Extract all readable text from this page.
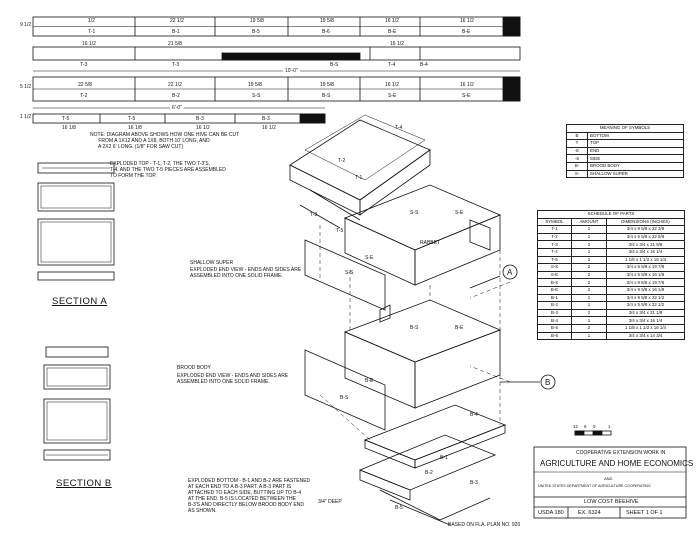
1/2	22 1/2	19 5/8	19 5/8	16 1/2	16 1/2
T-1	B-1	B-5	B-6	B-E	B-E
16 1/2	21 5/8	16 1/2
T-3	T-3	B-S	T-4	B-4
10'-0"
22 5/8	22 1/2	19 5/8	19 5/8	16 1/2	16 1/2
T-2	B-2	S-S	B-S	S-E	S-E
6'-0"
T-5	T-5	B-3	B-3
16 1/8	16 1/8	16 1/2	16 1/2
1 1/2
5 1/2
9 1/2
NOTE: DIAGRAM ABOVE SHOWS HOW ONE HIVE CAN BE CUT
FROM A 1X12 AND A 1X8, BOTH 10' LONG, AND
A 2X2 6' LONG. (1/8" FOR SAW CUT)
EXPLODED TOP - T-1, T-2, THE TWO T-3'S,
T-4, AND THE TWO T-5 PIECES ARE ASSEMBLED
TO FORM THE TOP.
SHALLOW SUPER
EXPLODED END VIEW - ENDS AND SIDES ARE
ASSEMBLED INTO ONE SOLID FRAME.
BROOD BODY
EXPLODED END VIEW - ENDS AND SIDES ARE
ASSEMBLED INTO ONE SOLID FRAME.
EXPLODED BOTTOM - B-1 AND B-2 ARE FASTENED
AT EACH END TO A B-3 PART. A B-3 PART IS
ATTACHED TO EACH SIDE, BUTTING UP TO B-4
AT THE END. B-5 IS LOCATED BETWEEN THE
B-3'S AND DIRECTLY BELOW BROOD BODY END
AS SHOWN.
BASED ON FLA. PLAN NO. 920
3/4" DEEP
RABBET
T-4
T-2
T-1
T-3
T-5
S-S	S-E
S-E
S-S
B-S	B-E
B-E
B-S
B-4
B-1
B-2
B-3
B-5
A
B
SECTION A
SECTION B
12 6 0	1
MEANING OF SYMBOLS	
B	BOTTOM
T	TOP
-E	END
-S	SIDE
B-	BROOD BODY
S-	SHALLOW SUPER
SCHEDULE OF PARTS		
SYMBOL	AMOUNT	DIMENSIONS (INCHES)
T-1	1	3/4 x 9 5/8 x 22 3/8
T-2	1	3/4 x 5 5/8 x 22 5/8
T-3	2	3/4 x 3/4 x 21 5/8
T-4	1	3/4 x 3/4 x 16 1/4
T-5	2	1 1/8 x 1 1/2 x 16 1/4
S-S	2	3/4 x 5 5/8 x 19 7/8
S-E	2	3/4 x 5 5/8 x 16 1/8
B-S	2	3/4 x 9 5/8 x 19 7/8
B-E	2	3/4 x 9 5/8 x 16 1/8
B-1	1	3/4 x 9 5/8 x 22 1/2
B-2	1	3/4 x 5 5/8 x 22 1/2
B-3	2	3/4 x 3/4 x 21 1/8
B-4	1	3/4 x 3/4 x 16 1/4
B-5	2	1 1/8 x 1 1/2 x 16 1/4
B-6	1	3/4 x 3/4 x 14 3/4
COOPERATIVE EXTENSION WORK IN
AGRICULTURE AND HOME ECONOMICS
AND
UNITED STATES DEPARTMENT OF AGRICULTURE COOPERATING
LOW COST BEEHIVE
USDA 180	EX. 6324	SHEET 1 OF 1
